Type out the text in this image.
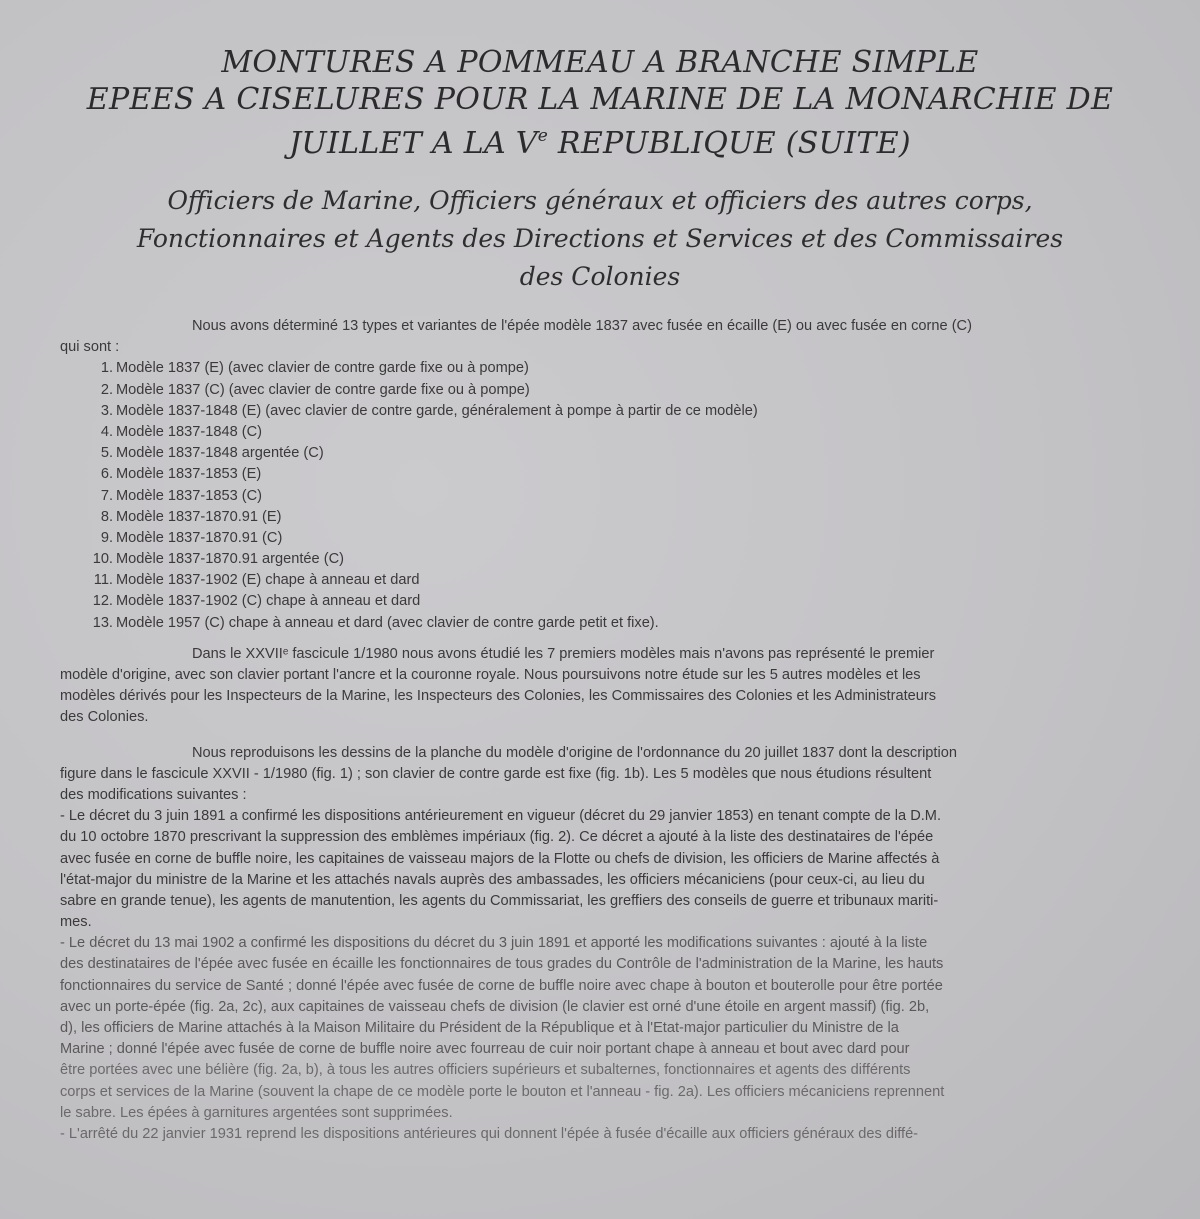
MONTURES A POMMEAU A BRANCHE SIMPLE
EPEES A CISELURES POUR LA MARINE DE LA MONARCHIE DE
JUILLET A LA Ve REPUBLIQUE (SUITE)
Officiers de Marine, Officiers généraux et officiers des autres corps,
Fonctionnaires et Agents des Directions et Services et des Commissaires
des Colonies
Nous avons déterminé 13 types et variantes de l'épée modèle 1837 avec fusée en écaille (E) ou avec fusée en corne (C)
qui sont :
1. Modèle 1837 (E) (avec clavier de contre garde fixe ou à pompe)
2. Modèle 1837 (C) (avec clavier de contre garde fixe ou à pompe)
3. Modèle 1837-1848 (E) (avec clavier de contre garde, généralement à pompe à partir de ce modèle)
4. Modèle 1837-1848 (C)
5. Modèle 1837-1848 argentée (C)
6. Modèle 1837-1853 (E)
7. Modèle 1837-1853 (C)
8. Modèle 1837-1870.91 (E)
9. Modèle 1837-1870.91 (C)
10. Modèle 1837-1870.91 argentée (C)
11. Modèle 1837-1902 (E) chape à anneau et dard
12. Modèle 1837-1902 (C) chape à anneau et dard
13. Modèle 1957 (C) chape à anneau et dard (avec clavier de contre garde petit et fixe).
Dans le XXVIIᵉ fascicule 1/1980 nous avons étudié les 7 premiers modèles mais n'avons pas représenté le premier
modèle d'origine, avec son clavier portant l'ancre et la couronne royale. Nous poursuivons notre étude sur les 5 autres modèles et les
modèles dérivés pour les Inspecteurs de la Marine, les Inspecteurs des Colonies, les Commissaires des Colonies et les Administrateurs
des Colonies.
Nous reproduisons les dessins de la planche du modèle d'origine de l'ordonnance du 20 juillet 1837 dont la description
figure dans le fascicule XXVII - 1/1980 (fig. 1) ; son clavier de contre garde est fixe (fig. 1b). Les 5 modèles que nous étudions résultent
des modifications suivantes :
- Le décret du 3 juin 1891 a confirmé les dispositions antérieurement en vigueur (décret du 29 janvier 1853) en tenant compte de la D.M.
du 10 octobre 1870 prescrivant la suppression des emblèmes impériaux (fig. 2). Ce décret a ajouté à la liste des destinataires de l'épée
avec fusée en corne de buffle noire, les capitaines de vaisseau majors de la Flotte ou chefs de division, les officiers de Marine affectés à
l'état-major du ministre de la Marine et les attachés navals auprès des ambassades, les officiers mécaniciens (pour ceux-ci, au lieu du
sabre en grande tenue), les agents de manutention, les agents du Commissariat, les greffiers des conseils de guerre et tribunaux mariti-
mes.
- Le décret du 13 mai 1902 a confirmé les dispositions du décret du 3 juin 1891 et apporté les modifications suivantes : ajouté à la liste
des destinataires de l'épée avec fusée en écaille les fonctionnaires de tous grades du Contrôle de l'administration de la Marine, les hauts
fonctionnaires du service de Santé ; donné l'épée avec fusée de corne de buffle noire avec chape à bouton et bouterolle pour être portée
avec un porte-épée (fig. 2a, 2c), aux capitaines de vaisseau chefs de division (le clavier est orné d'une étoile en argent massif) (fig. 2b,
d), les officiers de Marine attachés à la Maison Militaire du Président de la République et à l'Etat-major particulier du Ministre de la
Marine ; donné l'épée avec fusée de corne de buffle noire avec fourreau de cuir noir portant chape à anneau et bout avec dard pour
être portées avec une bélière (fig. 2a, b), à tous les autres officiers supérieurs et subalternes, fonctionnaires et agents des différents
corps et services de la Marine (souvent la chape de ce modèle porte le bouton et l'anneau - fig. 2a). Les officiers mécaniciens reprennent
le sabre. Les épées à garnitures argentées sont supprimées.
- L'arrêté du 22 janvier 1931 reprend les dispositions antérieures qui donnent l'épée à fusée d'écaille aux officiers généraux des diffé-
